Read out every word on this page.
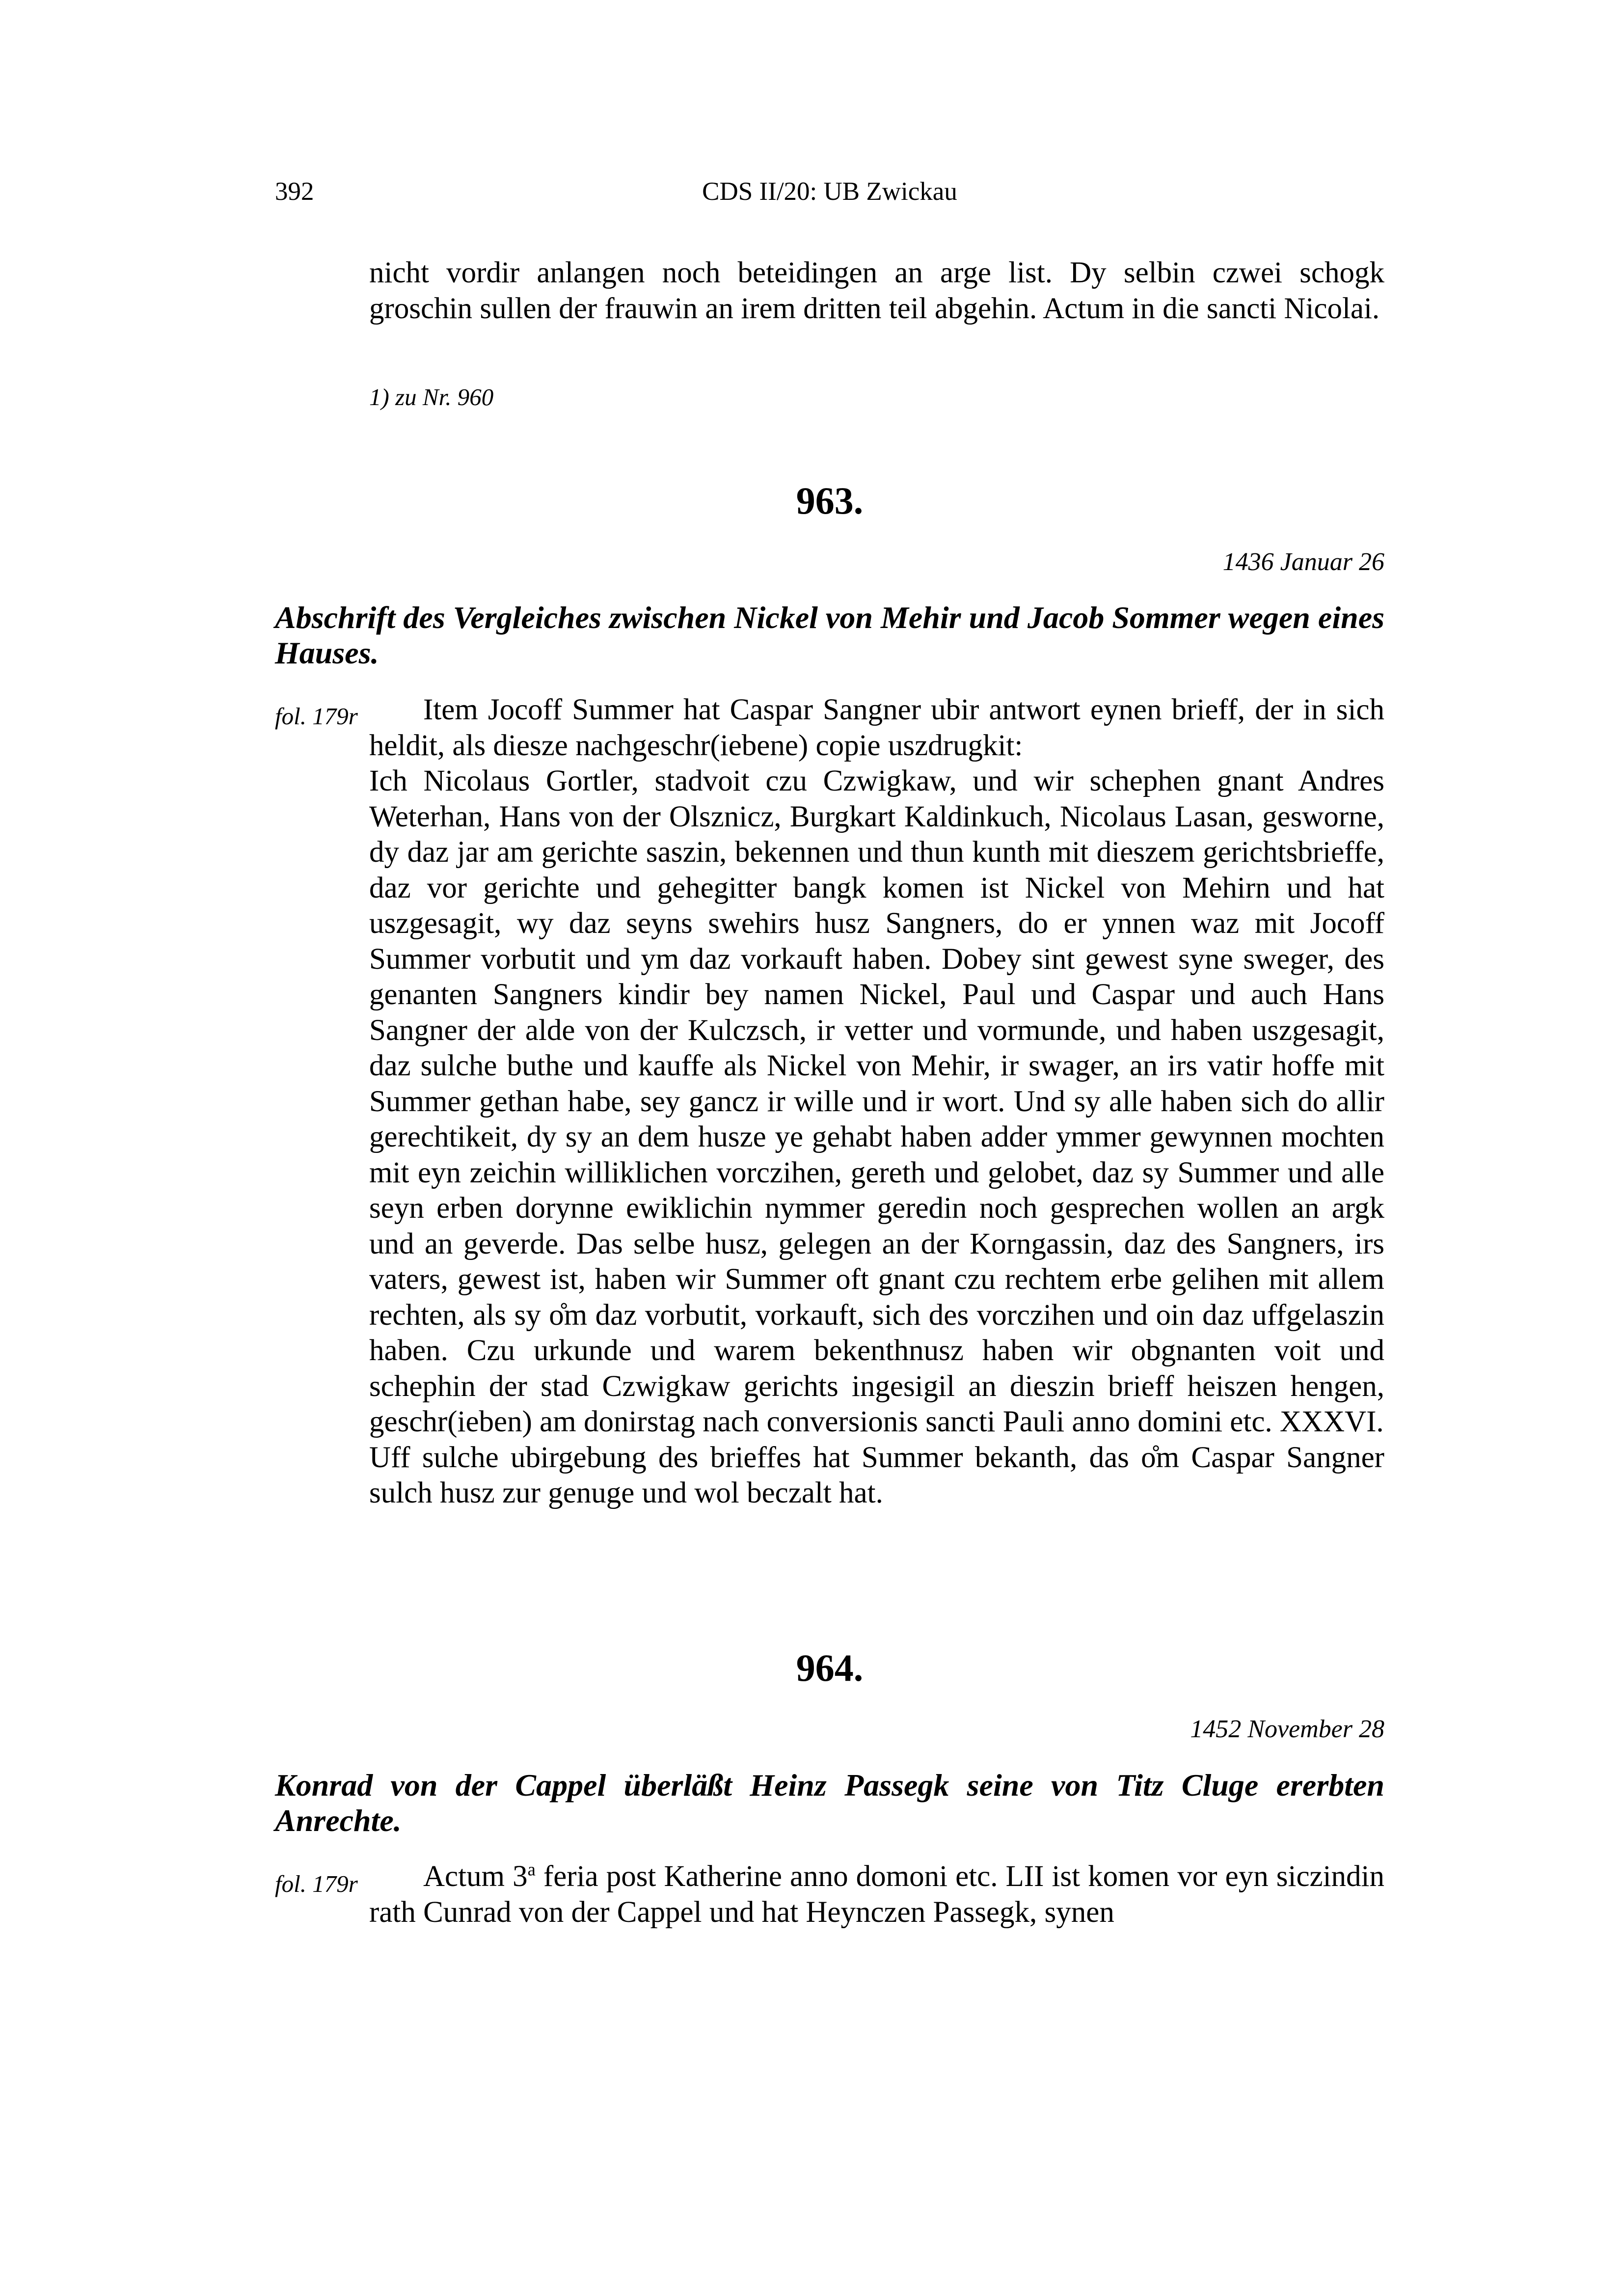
392	CDS II/20: UB Zwickau

nicht vordir anlangen noch beteidingen an arge list. Dy selbin czwei schogk groschin sullen der frauwin an irem dritten teil abgehin. Actum in die sancti Nicolai.

1) zu Nr. 960
963.
1436 Januar 26

Abschrift des Vergleiches zwischen Nickel von Mehir und Jacob Sommer wegen eines Hauses.

fol. 179r	Item Jocoff Summer hat Caspar Sangner ubir antwort eynen brieff, der in sich heldit, als diesze nachgeschr(iebene) copie uszdrugkit:
Ich Nicolaus Gortler, stadvoit czu Czwigkaw, und wir schephen gnant Andres Weterhan, Hans von der Olsznicz, Burgkart Kaldinkuch, Nicolaus Lasan, gesworne, dy daz jar am gerichte saszin, bekennen und thun kunth mit dieszem gerichtsbrieffe, daz vor gerichte und gehegitter bangk komen ist Nickel von Mehirn und hat uszgesagit, wy daz seyns swehirs husz Sangners, do er ynnen waz mit Jocoff Summer vorbutit und ym daz vorkauft haben. Dobey sint gewest syne sweger, des genanten Sangners kindir bey namen Nickel, Paul und Caspar und auch Hans Sangner der alde von der Kulczsch, ir vetter und vormunde, und haben uszgesagit, daz sulche buthe und kauffe als Nickel von Mehir, ir swager, an irs vatir hoffe mit Summer gethan habe, sey gancz ir wille und ir wort. Und sy alle haben sich do allir gerechtikeit, dy sy an dem husze ye gehabt haben adder ymmer gewynnen mochten mit eyn zeichin williklichen vorczihen, gereth und gelobet, daz sy Summer und alle seyn erben dorynne ewiklichin nymmer geredin noch gesprechen wollen an argk und an geverde. Das selbe husz, gelegen an der Korngassin, daz des Sangners, irs vaters, gewest ist, haben wir Summer oft gnant czu rechtem erbe gelihen mit allem rechten, als sy o̊m daz vorbutit, vorkauft, sich des vorczihen und oin daz uffgelaszin haben. Czu urkunde und warem bekenthnusz haben wir obgnanten voit und schephin der stad Czwigkaw gerichts ingesigil an dieszin brieff heiszen hengen, geschr(ieben) am donirstag nach conversionis sancti Pauli anno domini etc. XXXVI.
Uff sulche ubirgebung des brieffes hat Summer bekanth, das o̊m Caspar Sangner sulch husz zur genuge und wol beczalt hat.
964.
1452 November 28

Konrad von der Cappel überläßt Heinz Passegk seine von Titz Cluge ererbten Anrechte.

fol. 179r	Actum 3$^a$ feria post Katherine anno domoni etc. LII ist komen vor eyn siczindin rath Cunrad von der Cappel und hat Heynczen Passegk, synen
